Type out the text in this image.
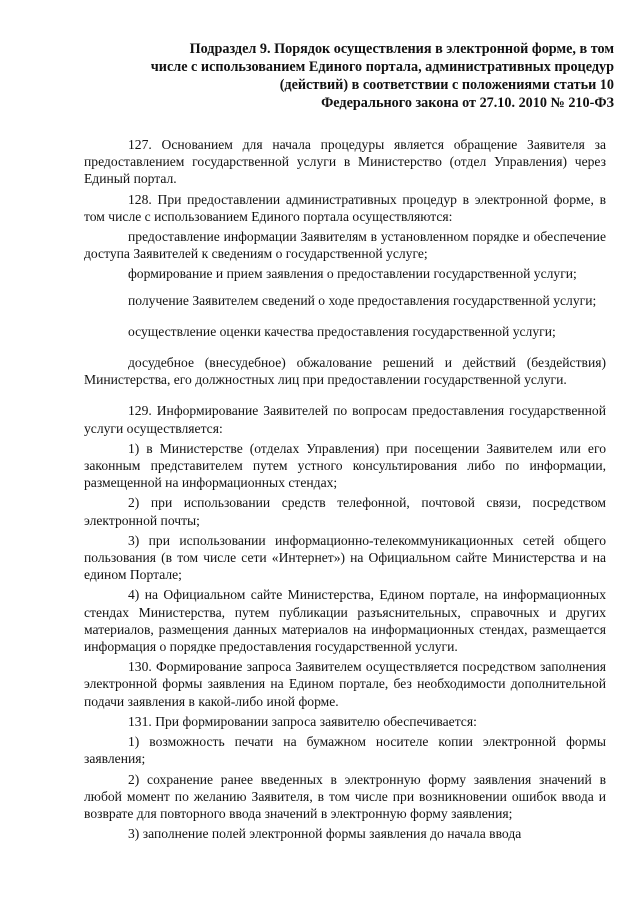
Подраздел 9. Порядок осуществления в электронной форме, в том
числе с использованием Единого портала, административных процедур
(действий) в соответствии с положениями статьи 10
Федерального закона от 27.10. 2010 № 210-ФЗ

127. Основанием для начала процедуры является обращение Заявителя за предоставлением государственной услуги в Министерство (отдел Управления) через Единый портал.

128. При предоставлении административных процедур в электронной форме, в том числе с использованием Единого портала осуществляются:

предоставление информации Заявителям в установленном порядке и обеспечение доступа Заявителей к сведениям о государственной услуге;

формирование и прием заявления о предоставлении государственной услуги;

получение Заявителем сведений о ходе предоставления государственной услуги;

осуществление оценки качества предоставления государственной услуги;

досудебное (внесудебное) обжалование решений и действий (бездействия) Министерства, его должностных лиц при предоставлении государственной услуги.

129. Информирование Заявителей по вопросам предоставления государственной услуги осуществляется:

1) в Министерстве (отделах Управления) при посещении Заявителем или его законным представителем путем устного консультирования либо по информации, размещенной на информационных стендах;

2) при использовании средств телефонной, почтовой связи, посредством электронной почты;

3) при использовании информационно-телекоммуникационных сетей общего пользования (в том числе сети «Интернет») на Официальном сайте Министерства и на едином Портале;

4) на Официальном сайте Министерства, Едином портале, на информационных стендах Министерства, путем публикации разъяснительных, справочных и других материалов, размещения данных материалов на информационных стендах, размещается информация о порядке предоставления государственной услуги.

130. Формирование запроса Заявителем осуществляется посредством заполнения электронной формы заявления на Едином портале, без необходимости дополнительной подачи заявления в какой-либо иной форме.

131. При формировании запроса заявителю обеспечивается:

1) возможность печати на бумажном носителе копии электронной формы заявления;

2) сохранение ранее введенных в электронную форму заявления значений в любой момент по желанию Заявителя, в том числе при возникновении ошибок ввода и возврате для повторного ввода значений в электронную форму заявления;

3) заполнение полей электронной формы заявления до начала ввода
